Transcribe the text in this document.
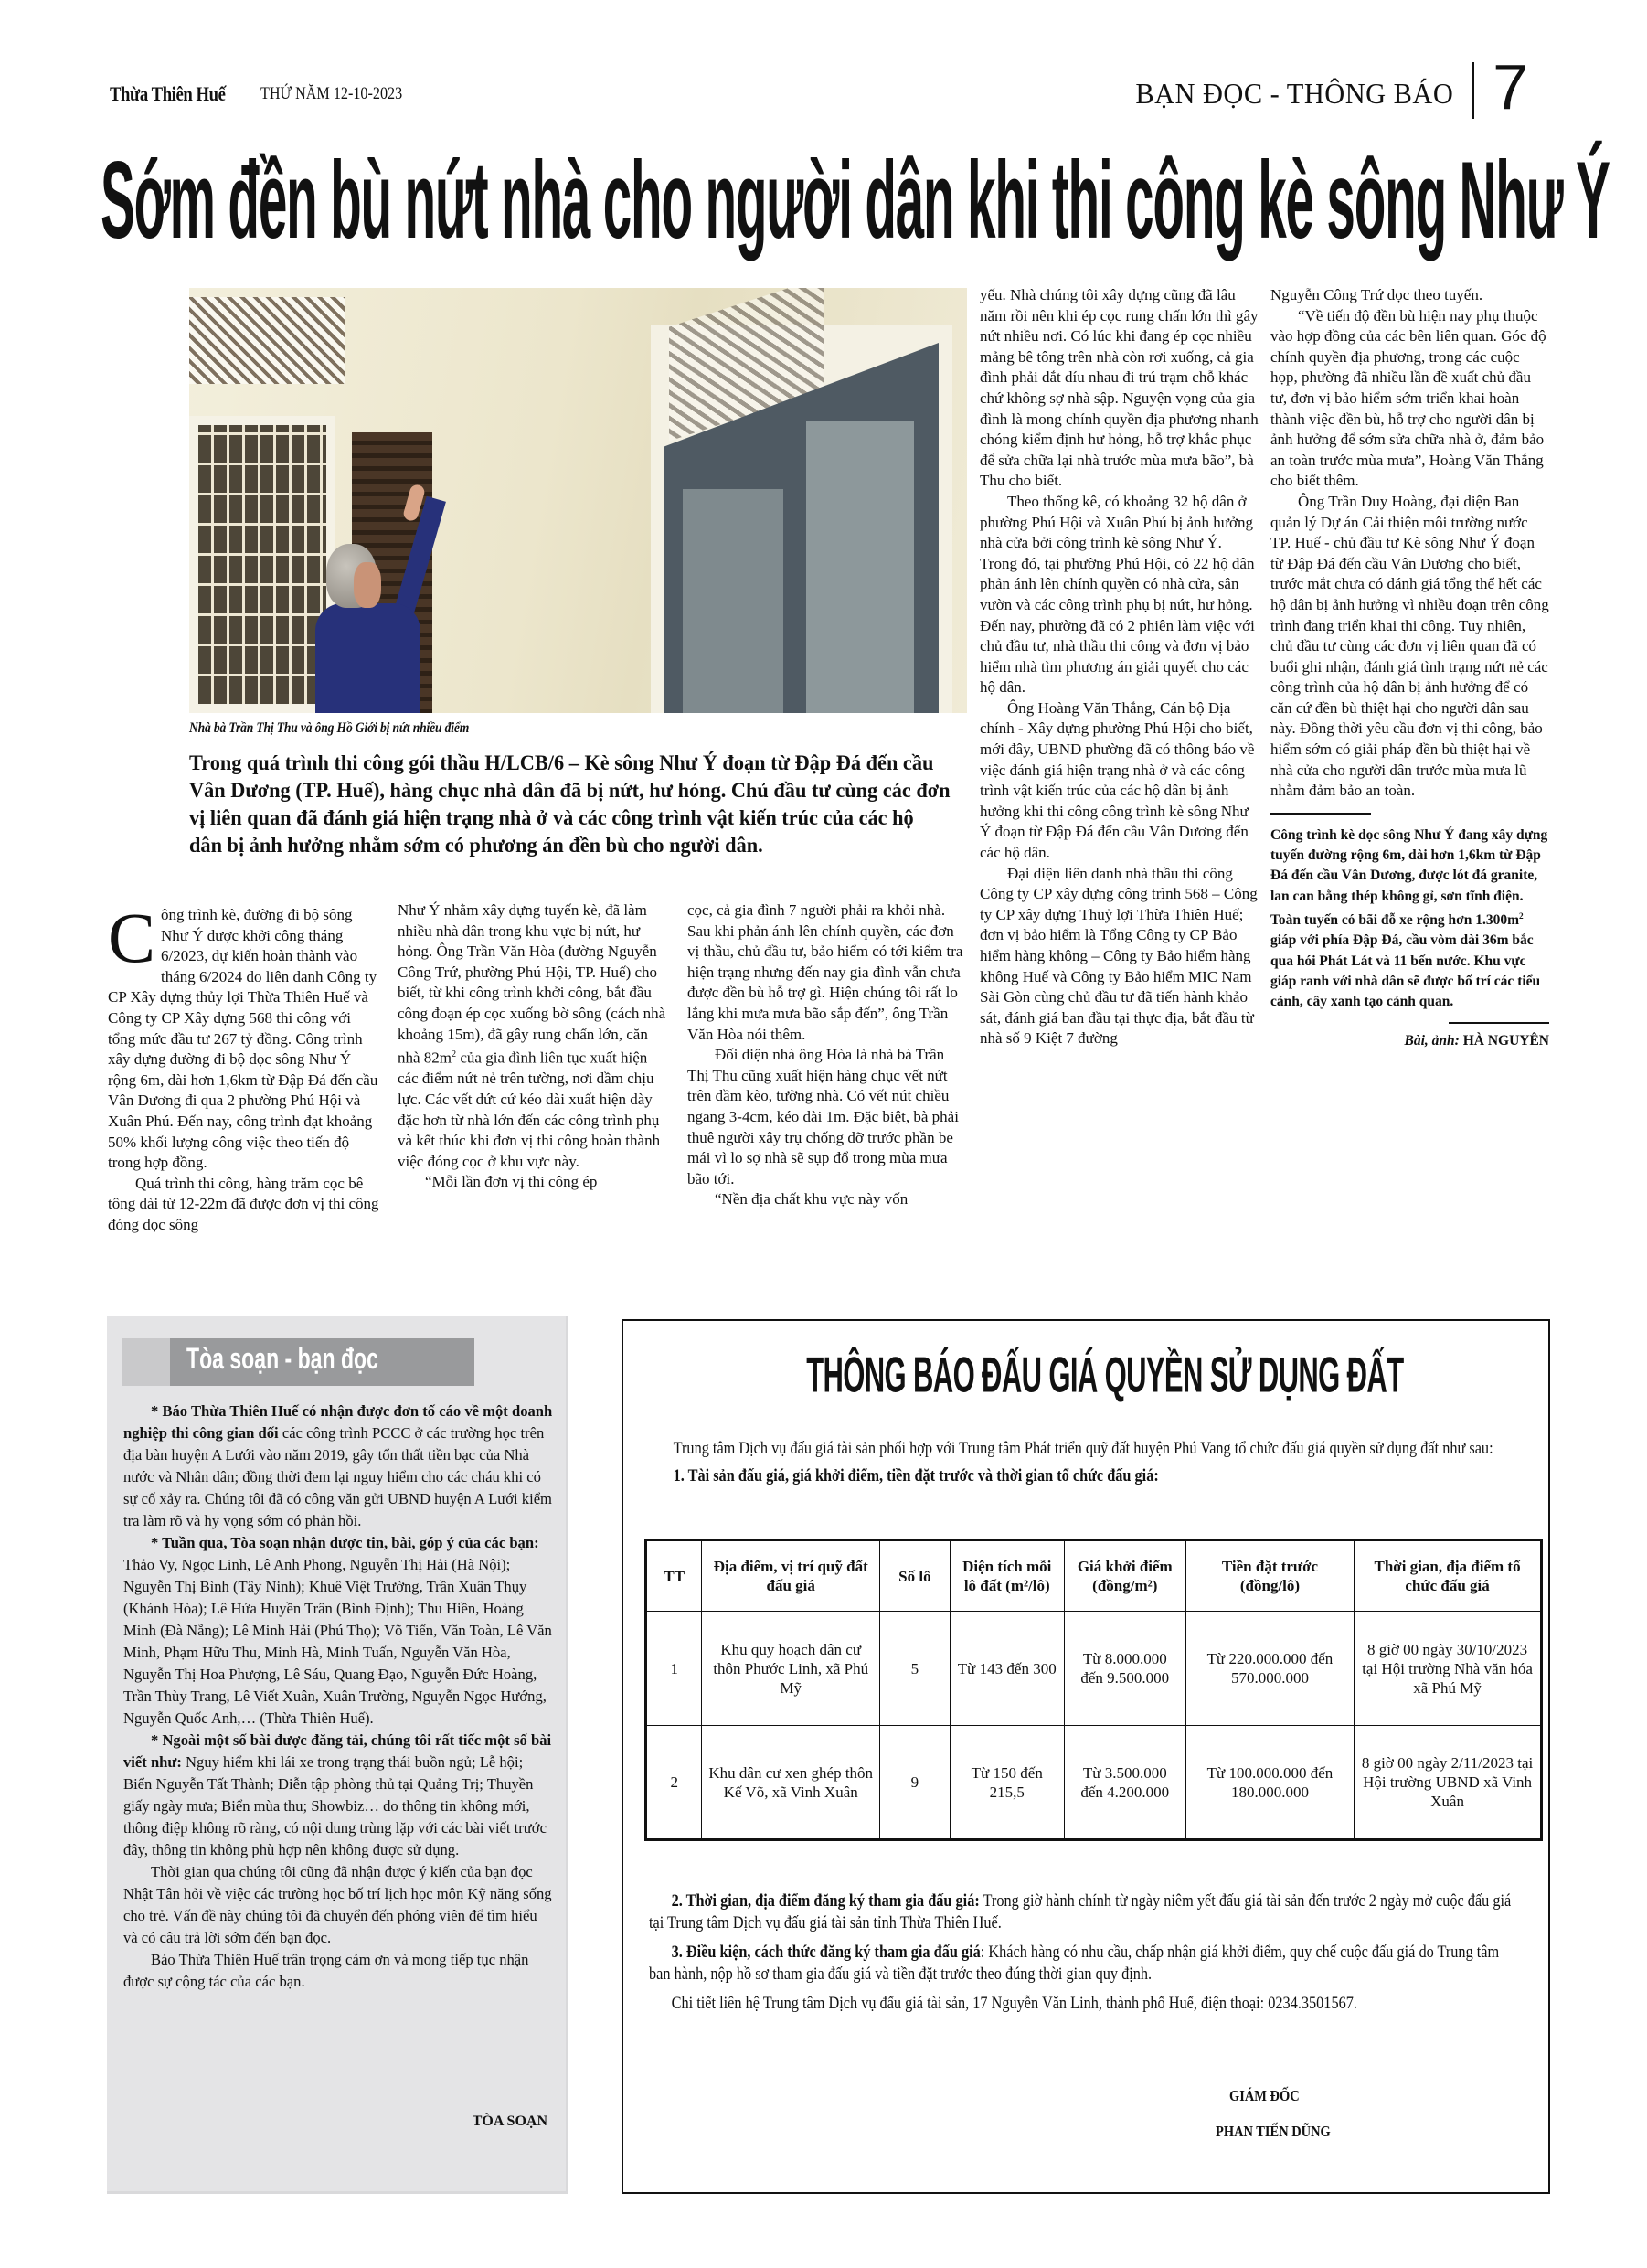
Thừa Thiên Huế THỨ NĂM 12-10-2023	BẠN ĐỌC - THÔNG BÁO 7
Sớm đền bù nứt nhà cho người dân khi thi công kè sông Như Ý
Nhà bà Trần Thị Thu và ông Hồ Giới bị nứt nhiều điểm

Trong quá trình thi công gói thầu H/LCB/6 – Kè sông Như Ý đoạn từ Đập Đá đến cầu Vân Dương (TP. Huế), hàng chục nhà dân đã bị nứt, hư hỏng. Chủ đầu tư cùng các đơn vị liên quan đã đánh giá hiện trạng nhà ở và các công trình vật kiến trúc của các hộ dân bị ảnh hưởng nhằm sớm có phương án đền bù cho người dân.

Công trình kè, đường đi bộ sông Như Ý được khởi công tháng 6/2023, dự kiến hoàn thành vào tháng 6/2024 do liên danh Công ty CP Xây dựng thủy lợi Thừa Thiên Huế và Công ty CP Xây dựng 568 thi công với tổng mức đầu tư 267 tỷ đồng. Công trình xây dựng đường đi bộ dọc sông Như Ý rộng 6m, dài hơn 1,6km từ Đập Đá đến cầu Vân Dương đi qua 2 phường Phú Hội và Xuân Phú. Đến nay, công trình đạt khoảng 50% khối lượng công việc theo tiến độ trong hợp đồng.

Quá trình thi công, hàng trăm cọc bê tông dài từ 12-22m đã được đơn vị thi công đóng dọc sông

Như Ý nhằm xây dựng tuyến kè, đã làm nhiều nhà dân trong khu vực bị nứt, hư hỏng. Ông Trần Văn Hòa (đường Nguyễn Công Trứ, phường Phú Hội, TP. Huế) cho biết, từ khi công trình khởi công, bắt đầu công đoạn ép cọc xuống bờ sông (cách nhà khoảng 15m), đã gây rung chấn lớn, căn nhà $82m^2$ của gia đình liên tục xuất hiện các điểm nứt nẻ trên tường, nơi dầm chịu lực. Các vết dứt cứ kéo dài xuất hiện dày đặc hơn từ nhà lớn đến các công trình phụ và kết thúc khi đơn vị thi công hoàn thành việc đóng cọc ở khu vực này.

“Mỗi lần đơn vị thi công ép

cọc, cả gia đình 7 người phải ra khỏi nhà. Sau khi phản ánh lên chính quyền, các đơn vị thầu, chủ đầu tư, bảo hiểm có tới kiểm tra hiện trạng nhưng đến nay gia đình vẫn chưa được đền bù hỗ trợ gì. Hiện chúng tôi rất lo lắng khi mưa mưa bão sắp đến”, ông Trần Văn Hòa nói thêm.

Đối diện nhà ông Hòa là nhà bà Trần Thị Thu cũng xuất hiện hàng chục vết nứt trên dầm kèo, tường nhà. Có vết nút chiều ngang 3-4cm, kéo dài 1m. Đặc biệt, bà phải thuê người xây trụ chống đỡ trước phần be mái vì lo sợ nhà sẽ sụp đổ trong mùa mưa bão tới.

“Nền địa chất khu vực này vốn

yếu. Nhà chúng tôi xây dựng cũng đã lâu năm rồi nên khi ép cọc rung chấn lớn thì gây nứt nhiều nơi. Có lúc khi đang ép cọc nhiều mảng bê tông trên nhà còn rơi xuống, cả gia đình phải dắt díu nhau đi trú trạm chỗ khác chứ không sợ nhà sập. Nguyện vọng của gia đình là mong chính quyền địa phương nhanh chóng kiểm định hư hỏng, hỗ trợ khắc phục để sửa chữa lại nhà trước mùa mưa bão”, bà Thu cho biết.

Theo thống kê, có khoảng 32 hộ dân ở phường Phú Hội và Xuân Phú bị ảnh hưởng nhà cửa bởi công trình kè sông Như Ý. Trong đó, tại phường Phú Hội, có 22 hộ dân phản ánh lên chính quyền có nhà cửa, sân vườn và các công trình phụ bị nứt, hư hỏng. Đến nay, phường đã có 2 phiên làm việc với chủ đầu tư, nhà thầu thi công và đơn vị bảo hiểm nhà tìm phương án giải quyết cho các hộ dân.

Ông Hoàng Văn Thắng, Cán bộ Địa chính - Xây dựng phường Phú Hội cho biết, mới đây, UBND phường đã có thông báo về việc đánh giá hiện trạng nhà ở và các công trình vật kiến trúc của các hộ dân bị ảnh hưởng khi thi công công trình kè sông Như Ý đoạn từ Đập Đá đến cầu Vân Dương đến các hộ dân.

Đại diện liên danh nhà thầu thi công Công ty CP xây dựng công trình 568 – Công ty CP xây dựng Thuỷ lợi Thừa Thiên Huế; đơn vị bảo hiểm là Tổng Công ty CP Bảo hiểm hàng không – Công ty Bảo hiểm hàng không Huế và Công ty Bảo hiểm MIC Nam Sài Gòn cùng chủ đầu tư đã tiến hành khảo sát, đánh giá ban đầu tại thực địa, bắt đầu từ nhà số 9 Kiệt 7 đường

Nguyễn Công Trứ dọc theo tuyến.

“Về tiến độ đền bù hiện nay phụ thuộc vào hợp đồng của các bên liên quan. Góc độ chính quyền địa phương, trong các cuộc họp, phường đã nhiều lần đề xuất chủ đầu tư, đơn vị bảo hiểm sớm triển khai hoàn thành việc đền bù, hỗ trợ cho người dân bị ảnh hưởng để sớm sửa chữa nhà ở, đảm bảo an toàn trước mùa mưa”, Hoàng Văn Thắng cho biết thêm.

Ông Trần Duy Hoàng, đại diện Ban quản lý Dự án Cải thiện môi trường nước TP. Huế - chủ đầu tư Kè sông Như Ý đoạn từ Đập Đá đến cầu Vân Dương cho biết, trước mắt chưa có đánh giá tổng thể hết các hộ dân bị ảnh hưởng vì nhiều đoạn trên công trình đang triển khai thi công. Tuy nhiên, chủ đầu tư cùng các đơn vị liên quan đã có buổi ghi nhận, đánh giá tình trạng nứt nẻ các công trình của hộ dân bị ảnh hưởng để có căn cứ đền bù thiệt hại cho người dân sau này. Đồng thời yêu cầu đơn vị thi công, bảo hiểm sớm có giải pháp đền bù thiệt hại về nhà cửa cho người dân trước mùa mưa lũ nhằm đảm bảo an toàn.

Công trình kè dọc sông Như Ý đang xây dựng tuyến đường rộng 6m, dài hơn 1,6km từ Đập Đá đến cầu Vân Dương, được lót đá granite, lan can bằng thép không gỉ, sơn tĩnh điện. Toàn tuyến có bãi đỗ xe rộng hơn $1.300m^2$ giáp với phía Đập Đá, cầu vòm dài 36m bắc qua hói Phát Lát và 11 bến nước. Khu vực giáp ranh với nhà dân sẽ được bố trí các tiểu cảnh, cây xanh tạo cảnh quan.

Bài, ảnh: HÀ NGUYÊN
Tòa soạn - bạn đọc

* Báo Thừa Thiên Huế có nhận được đơn tố cáo về một doanh nghiệp thi công gian dối các công trình PCCC ở các trường học trên địa bàn huyện A Lưới vào năm 2019, gây tổn thất tiền bạc của Nhà nước và Nhân dân; đồng thời đem lại nguy hiểm cho các cháu khi có sự cố xảy ra. Chúng tôi đã có công văn gửi UBND huyện A Lưới kiểm tra làm rõ và hy vọng sớm có phản hồi.

* Tuần qua, Tòa soạn nhận được tin, bài, góp ý của các bạn: Thảo Vy, Ngọc Linh, Lê Anh Phong, Nguyễn Thị Hải (Hà Nội); Nguyễn Thị Bình (Tây Ninh); Khuê Việt Trường, Trần Xuân Thụy (Khánh Hòa); Lê Hứa Huyền Trân (Bình Định); Thu Hiền, Hoàng Minh (Đà Nẵng); Lê Minh Hải (Phú Thọ); Võ Tiến, Văn Toàn, Lê Văn Minh, Phạm Hữu Thu, Minh Hà, Minh Tuấn, Nguyễn Văn Hòa, Nguyễn Thị Hoa Phượng, Lê Sáu, Quang Đạo, Nguyễn Đức Hoàng, Trần Thùy Trang, Lê Viết Xuân, Xuân Trường, Nguyễn Ngọc Hướng, Nguyễn Quốc Anh,… (Thừa Thiên Huế).

* Ngoài một số bài được đăng tải, chúng tôi rất tiếc một số bài viết như: Nguy hiểm khi lái xe trong trạng thái buồn ngủ; Lễ hội; Biển Nguyễn Tất Thành; Diễn tập phòng thủ tại Quảng Trị; Thuyền giấy ngày mưa; Biển mùa thu; Showbiz… do thông tin không mới, thông điệp không rõ ràng, có nội dung trùng lặp với các bài viết trước đây, thông tin không phù hợp nên không được sử dụng.

Thời gian qua chúng tôi cũng đã nhận được ý kiến của bạn đọc Nhật Tân hỏi về việc các trường học bố trí lịch học môn Kỹ năng sống cho trẻ. Vấn đề này chúng tôi đã chuyển đến phóng viên để tìm hiểu và có câu trả lời sớm đến bạn đọc.

Báo Thừa Thiên Huế trân trọng cảm ơn và mong tiếp tục nhận được sự cộng tác của các bạn.

TÒA SOẠN
THÔNG BÁO ĐẤU GIÁ QUYỀN SỬ DỤNG ĐẤT

Trung tâm Dịch vụ đấu giá tài sản phối hợp với Trung tâm Phát triển quỹ đất huyện Phú Vang tổ chức đấu giá quyền sử dụng đất như sau:

1. Tài sản đấu giá, giá khởi điểm, tiền đặt trước và thời gian tổ chức đấu giá:

TT	Địa điểm, vị trí quỹ đất đấu giá	Số lô	Diện tích mỗi lô đất (m²/lô)	Giá khởi điểm (đồng/m²)	Tiền đặt trước (đồng/lô)	Thời gian, địa điểm tổ chức đấu giá
1	Khu quy hoạch dân cư thôn Phước Linh, xã Phú Mỹ	5	Từ 143 đến 300	Từ 8.000.000 đến 9.500.000	Từ 220.000.000 đến 570.000.000	8 giờ 00 ngày 30/10/2023 tại Hội trường Nhà văn hóa xã Phú Mỹ
2	Khu dân cư xen ghép thôn Kế Võ, xã Vinh Xuân	9	Từ 150 đến 215,5	Từ 3.500.000 đến 4.200.000	Từ 100.000.000 đến 180.000.000	8 giờ 00 ngày 2/11/2023 tại Hội trường UBND xã Vinh Xuân

2. Thời gian, địa điểm đăng ký tham gia đấu giá: Trong giờ hành chính từ ngày niêm yết đấu giá tài sản đến trước 2 ngày mở cuộc đấu giá tại Trung tâm Dịch vụ đấu giá tài sản tỉnh Thừa Thiên Huế.

3. Điều kiện, cách thức đăng ký tham gia đấu giá: Khách hàng có nhu cầu, chấp nhận giá khởi điểm, quy chế cuộc đấu giá do Trung tâm ban hành, nộp hồ sơ tham gia đấu giá và tiền đặt trước theo đúng thời gian quy định.

Chi tiết liên hệ Trung tâm Dịch vụ đấu giá tài sản, 17 Nguyễn Văn Linh, thành phố Huế, điện thoại: 0234.3501567.

GIÁM ĐỐC
PHAN TIẾN DŨNG
